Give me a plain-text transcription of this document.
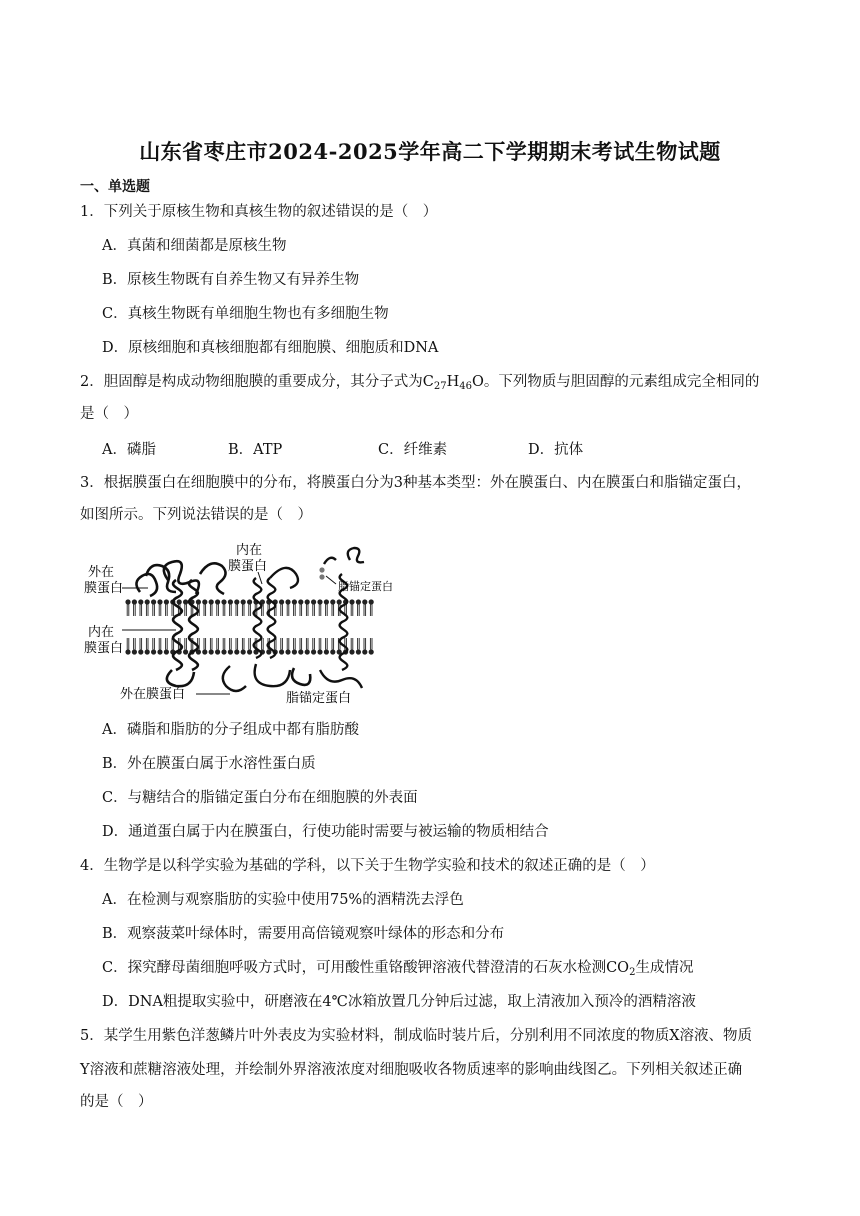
山东省枣庄市2024-2025学年高二下学期期末考试生物试题
一、单选题
1．下列关于原核生物和真核生物的叙述错误的是（　）
A．真菌和细菌都是原核生物
B．原核生物既有自养生物又有异养生物
C．真核生物既有单细胞生物也有多细胞生物
D．原核细胞和真核细胞都有细胞膜、细胞质和DNA
2．胆固醇是构成动物细胞膜的重要成分，其分子式为$C_{27}H_{46}O$。下列物质与胆固醇的元素组成完全相同的
是（　）
A．磷脂	B．ATP	C．纤维素	D．抗体
3．根据膜蛋白在细胞膜中的分布，将膜蛋白分为3种基本类型：外在膜蛋白、内在膜蛋白和脂锚定蛋白，
如图所示。下列说法错误的是（　）
外在
膜蛋白
内在
膜蛋白
内在
膜蛋白
脂锚定蛋白
外在膜蛋白	脂锚定蛋白
A．磷脂和脂肪的分子组成中都有脂肪酸
B．外在膜蛋白属于水溶性蛋白质
C．与糖结合的脂锚定蛋白分布在细胞膜的外表面
D．通道蛋白属于内在膜蛋白，行使功能时需要与被运输的物质相结合
4．生物学是以科学实验为基础的学科，以下关于生物学实验和技术的叙述正确的是（　）
A．在检测与观察脂肪的实验中使用75%的酒精洗去浮色
B．观察菠菜叶绿体时，需要用高倍镜观察叶绿体的形态和分布
C．探究酵母菌细胞呼吸方式时，可用酸性重铬酸钾溶液代替澄清的石灰水检测$CO_2$生成情况
D．DNA粗提取实验中，研磨液在4℃冰箱放置几分钟后过滤，取上清液加入预冷的酒精溶液
5．某学生用紫色洋葱鳞片叶外表皮为实验材料，制成临时装片后，分别利用不同浓度的物质X溶液、物质
Y溶液和蔗糖溶液处理，并绘制外界溶液浓度对细胞吸收各物质速率的影响曲线图乙。下列相关叙述正确
的是（　）
